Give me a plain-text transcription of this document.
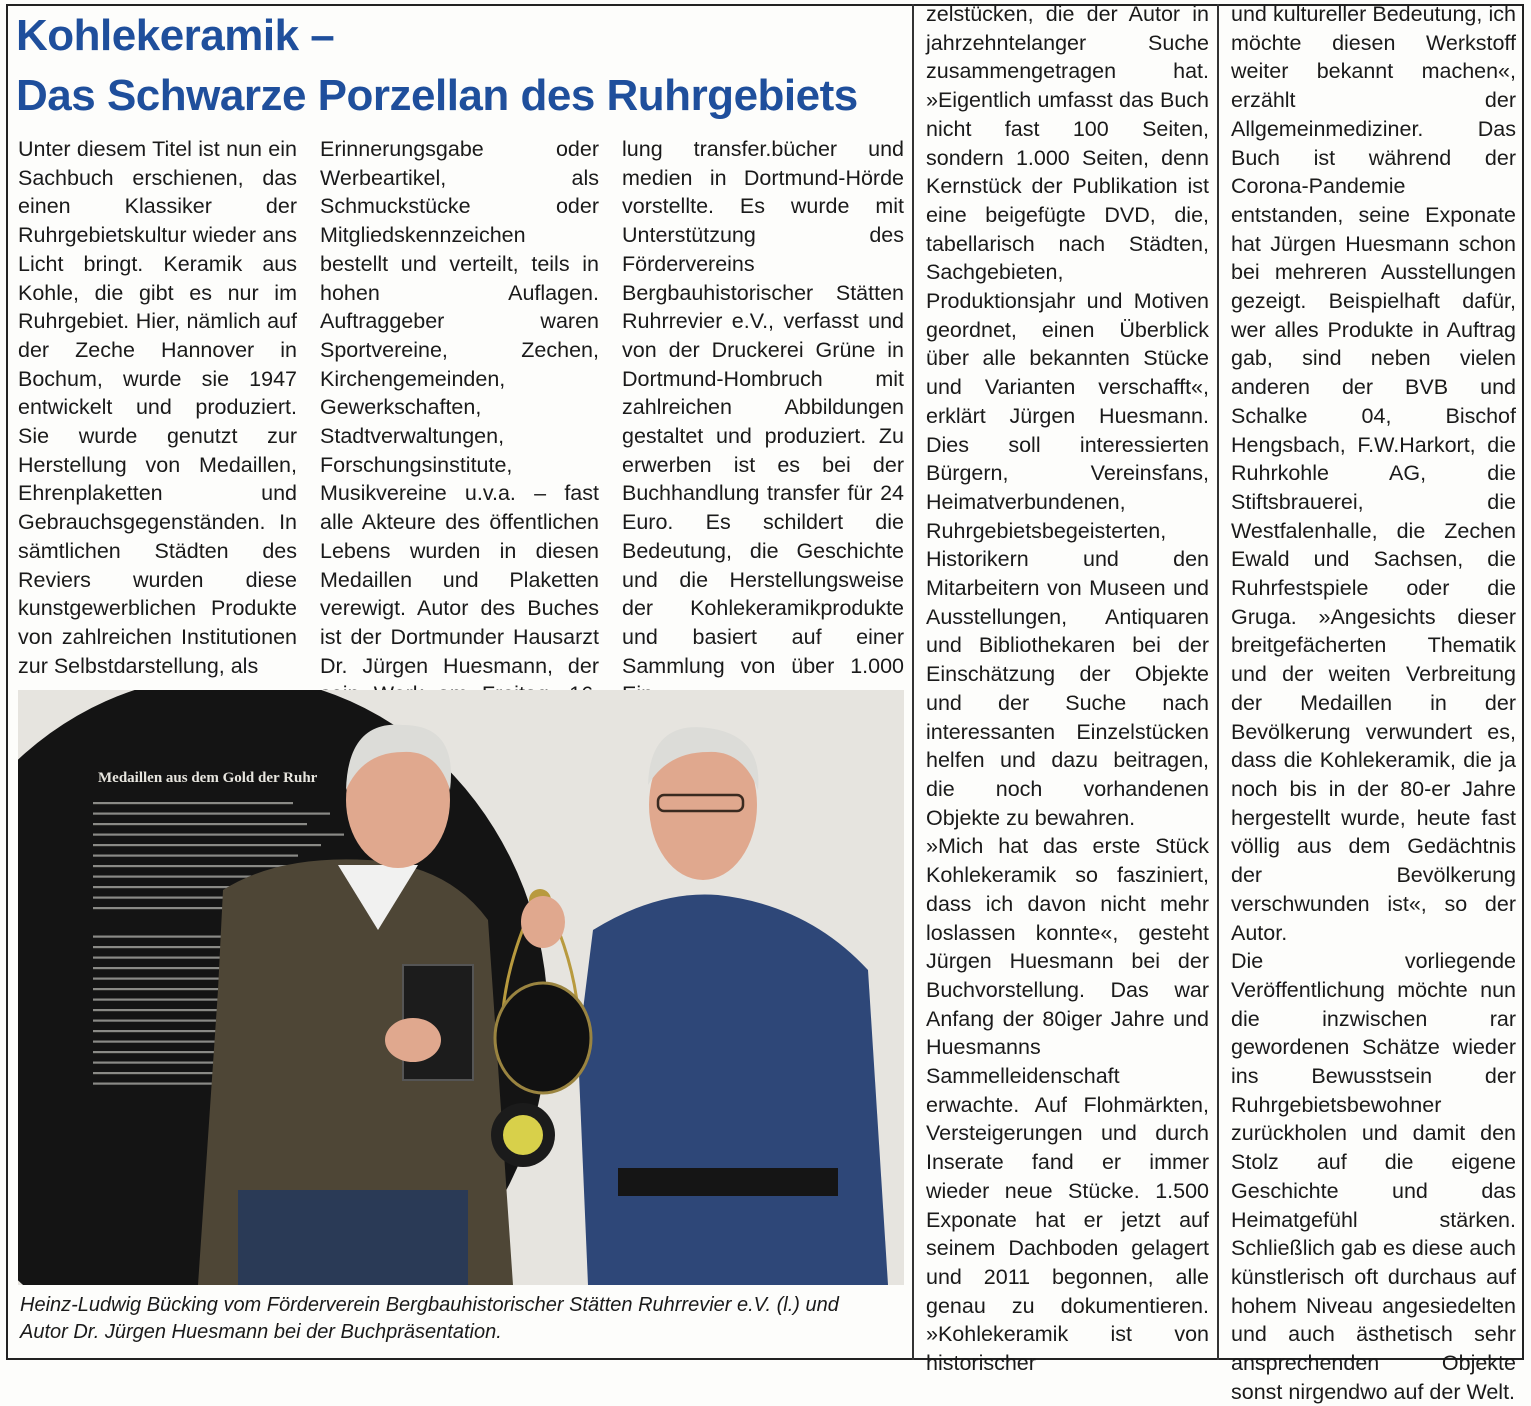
Kohlekeramik –
Das Schwarze Porzellan des Ruhrgebiets

Unter diesem Titel ist nun ein Sachbuch erschienen, das einen Klassiker der Ruhrgebietskultur wieder ans Licht bringt. Keramik aus Kohle, die gibt es nur im Ruhrgebiet. Hier, nämlich auf der Zeche Hannover in Bochum, wurde sie 1947 entwickelt und produziert. Sie wurde genutzt zur Herstellung von Medaillen, Ehrenplaketten und Gebrauchsgegenständen. In sämtlichen Städten des Reviers wurden diese kunstgewerblichen Produkte von zahlreichen Institutionen zur Selbstdarstellung, als

Erinnerungsgabe oder Werbeartikel, als Schmuckstücke oder Mitgliedskennzeichen bestellt und verteilt, teils in hohen Auflagen. Auftraggeber waren Sportvereine, Zechen, Kirchengemeinden, Gewerkschaften, Stadtverwaltungen, Forschungsinstitute, Musikvereine u.v.a. – fast alle Akteure des öffentlichen Lebens wurden in diesen Medaillen und Plaketten verewigt. Autor des Buches ist der Dortmunder Hausarzt Dr. Jürgen Huesmann, der

lung transfer.bücher und medien in Dortmund-Hörde vorstellte. Es wurde mit Unterstützung des Fördervereins Bergbauhistorischer Stätten Ruhrrevier e.V., verfasst und von der Druckerei Grüne in Dortmund-Hombruch mit zahlreichen Abbildungen gestaltet und produziert. Zu erwerben ist es bei der Buchhandlung transfer für 24 Euro. Es schildert die Bedeutung, die Geschichte und die Herstellungsweise der Kohlekeramikprodukte und basiert auf einer Sammlung von über 1.000

zelstücken, die der Autor in jahrzehntelanger Suche zusammengetragen hat. »Eigentlich umfasst das Buch nicht fast 100 Seiten, sondern 1.000 Seiten, denn Kernstück der Publikation ist eine beigefügte DVD, die, tabellarisch nach Städten, Sachgebieten, Produktionsjahr und Motiven geordnet, einen Überblick über alle bekannten Stücke und Varianten verschafft«, erklärt Jürgen Huesmann. Dies soll interessierten Bürgern, Vereinsfans, Heimatverbundenen, Ruhrgebietsbegeisterten, Historikern und den Mitarbeitern von Museen und Ausstellungen, Antiquaren und Bibliothekaren bei der Einschätzung der Objekte und der Suche nach interessanten Einzelstücken helfen und dazu beitragen, die noch vorhandenen Objekte zu bewahren.

»Mich hat das erste Stück Kohlekeramik so fasziniert, dass ich davon nicht mehr loslassen konnte«, gesteht Jürgen Huesmann bei der Buchvorstellung. Das war Anfang der 80iger Jahre und Huesmanns Sammelleidenschaft erwachte. Auf Flohmärkten, Versteigerungen und durch Inserate fand er immer wieder neue Stücke. 1.500 Exponate hat er jetzt auf seinem Dachboden gelagert und 2011 begonnen, alle genau zu dokumentieren. »Kohlekeramik ist von historischer

und kultureller Bedeutung, ich möchte diesen Werkstoff weiter bekannt machen«, erzählt der Allgemeinmediziner. Das Buch ist während der Corona-Pandemie entstanden, seine Exponate hat Jürgen Huesmann schon bei mehreren Ausstellungen gezeigt. Beispielhaft dafür, wer alles Produkte in Auftrag gab, sind neben vielen anderen der BVB und Schalke 04, Bischof Hengsbach, F.W.Harkort, die Ruhrkohle AG, die Stiftsbrauerei, die Westfalenhalle, die Zechen Ewald und Sachsen, die Ruhrfestspiele oder die Gruga. »Angesichts dieser breitgefächerten Thematik und der weiten Verbreitung der Medaillen in der Bevölkerung verwundert es, dass die Kohlekeramik, die ja noch bis in der 80-er Jahre hergestellt wurde, heute fast völlig aus dem Gedächtnis der Bevölkerung verschwunden ist«, so der Autor.

Die vorliegende Veröffentlichung möchte nun die inzwischen rar gewordenen Schätze wieder ins Bewusstsein der Ruhrgebietsbewohner zurückholen und damit den Stolz auf die eigene Geschichte und das Heimatgefühl stärken. Schließlich gab es diese auch künstlerisch oft durchaus auf hohem Niveau angesiedelten und auch ästhetisch sehr ansprechenden Objekte sonst nirgendwo auf der Welt.

Medaillen aus dem Gold der Ruhr

Heinz-Ludwig Bücking vom Förderverein Bergbauhistorischer Stätten Ruhrrevier e.V. (l.) und
Autor Dr. Jürgen Huesmann bei der Buchpräsentation.
